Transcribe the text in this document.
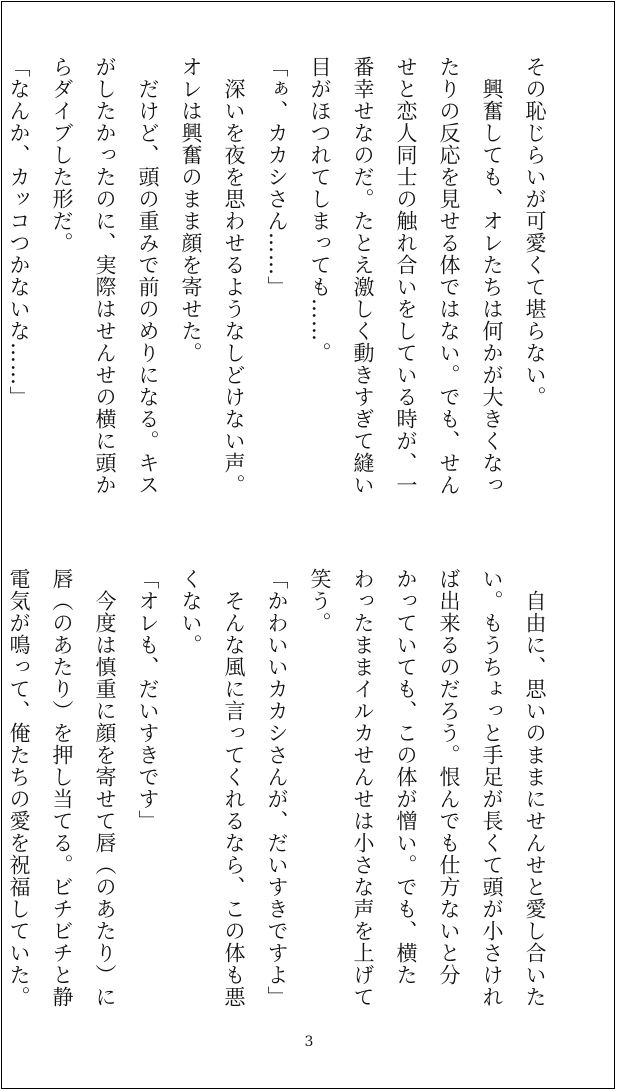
その恥じらいが可愛くて堪らない。

　興奮しても、オレたちは何かが大きくなっ

たりの反応を見せる体ではない。でも、せん

せと恋人同士の触れ合いをしている時が、一

番幸せなのだ。たとえ激しく動きすぎて縫い

目がほつれてしまっても……。

「ぁ、カカシさん……」

　深いを夜を思わせるようなしどけない声。

オレは興奮のまま顔を寄せた。

　だけど、頭の重みで前のめりになる。キス

がしたかったのに、実際はせんせの横に頭か

らダイブした形だ。

「なんか、カッコつかないな……」

　自由に、思いのままにせんせと愛し合いた

い。もうちょっと手足が長くて頭が小さけれ

ば出来るのだろう。恨んでも仕方ないと分

かっていても、この体が憎い。でも、横た

わったままイルカせんせは小さな声を上げて

笑う。

「かわいいカカシさんが、だいすきですよ」

　そんな風に言ってくれるなら、この体も悪

くない。

「オレも、だいすきです」

　今度は慎重に顔を寄せて唇（のあたり）に

唇（のあたり）を押し当てる。ビチビチと静

電気が鳴って、俺たちの愛を祝福していた。

3
